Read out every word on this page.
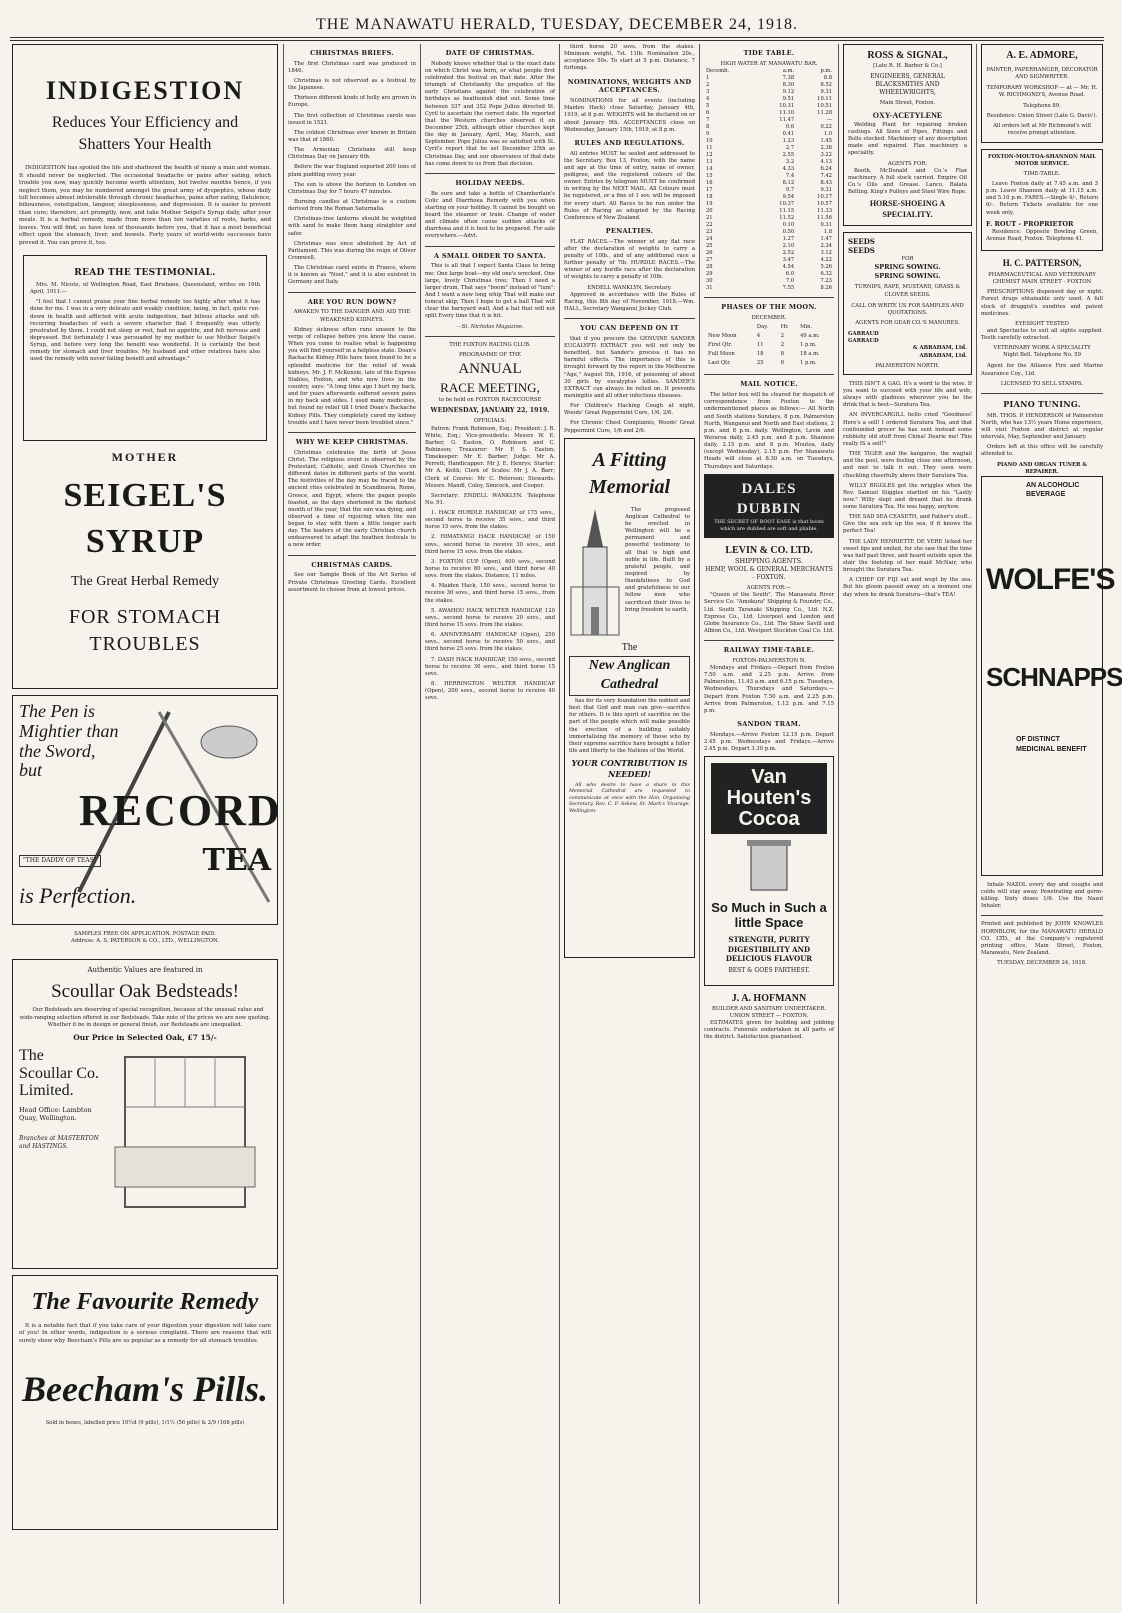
THE MANAWATU HERALD, TUESDAY, DECEMBER 24, 1918.
INDIGESTION
Reduces Your Efficiency and Shatters Your Health

INDIGESTION has spoiled the life and shattered the health of many a man and woman. It should never be neglected. The occasional headache or pains after eating, which trouble you now, may quickly become worth attention, but twelve months hence, if you neglect them, you may be numbered amongst the great army of dyspeptics, whose daily toll becomes almost intolerable through chronic headaches, pains after eating, flatulence, biliousness, constipation, languor, sleeplessness, and depression. It is easier to prevent than cure; therefore, act promptly, now, and take Mother Seigel's Syrup daily, after your meals. It is a herbal remedy, made from more than ten varieties of roots, barks, and leaves. You will find, as have tens of thousands before you, that it has a most beneficial effect upon the stomach, liver, and bowels. Forty years of world-wide successes have proved it. You can prove it, too.

READ THE TESTIMONIAL.

Mrs. M. Nicoto, of Wellington Road, East Brisbane, Queensland, writes on 16th April, 1911:—

"I feel that I cannot praise your fine herbal remedy too highly after what it has done for me. I was in a very delicate and weakly condition, being, in fact, quite run-down in health and afflicted with acute indigestion, bad bilious attacks and oft-recurring headaches of such a severe character that I frequently was utterly prostrated by them. I could not sleep or rest, had no appetite, and felt nervous and depressed. But fortunately I was persuaded by my mother to use Mother Seigel's Syrup, and before very long the benefit was wonderful. It is certainly the best remedy for stomach and liver troubles. My husband and other relatives have also used the remedy with never failing benefit and advantage."

MOTHER
SEIGEL'S SYRUP
The Great Herbal Remedy
FOR STOMACH TROUBLES
The Pen is
Mightier than
the Sword,
but
RECORD
"THE DADDY OF TEAS"	TEA
is Perfection.
SAMPLES FREE ON APPLICATION. POSTAGE PAID.
Address: A. S. PATERSON & CO., LTD., WELLINGTON.
Authentic Values are featured in
Scoullar Oak Bedsteads!

Our Bedsteads are deserving of special recognition, because of the unusual value and wide-ranging selection offered in our Bedsteads. Take note of the prices we are now quoting. Whether it be in design or general finish, our Bedsteads are unequalled.

Our Price in Selected Oak, £7 15/-
The Scoullar Co. Limited.
Head Office: Lambton Quay, Wellington.
Branches at MASTERTON and HASTINGS.
The Favourite Remedy

It is a notable fact that if you take care of your digestion your digestion will take care of you! In other words, indigestion is a serious complaint. There are reasons that will surely show why Beecham's Pills are so popular as a remedy for all stomach troubles.

Beecham's Pills.
Sold in boxes, labelled price 10½d (9 pills), 1/1½ (56 pills) & 2/9 (168 pills)
CHRISTMAS BRIEFS.

The first Christmas card was produced in 1846.

Christmas is not observed as a festival by the Japanese.

Thirteen different kinds of holly are grown in Europe.

The first collection of Christmas carols was issued in 1521.

The coldest Christmas ever known in Britain was that of 1860.

The Armenian Christians still keep Christmas Day on January 6th.

Before the war England exported 200 tons of plum pudding every year.

The sun is above the horizon in London on Christmas Day for 7 hours 47 minutes.

Burning candles at Christmas is a custom derived from the Roman Saturnalia.

Christmas-tree lanterns should be weighted with sand to make them hang straighter and safer.

Christmas was once abolished by Act of Parliament. This was during the reign of Oliver Cromwell.

The Christmas carol exists in France, where it is known as "Noel," and it is also existent in Germany and Italy.

ARE YOU RUN DOWN?
AWAKEN TO THE DANGER AND AID THE WEAKENED KIDNEYS.

Kidney sickness often runs unseen to the verge of collapse before you know the cause. When you come to realise what is happening you will find yourself in a helpless state. Doan's Backache Kidney Pills have been found to be a splendid medicine for the relief of weak kidneys. Mr. J. F. McKenzie, late of the Express Stables, Foxton, and who now lives in the country, says: "A long time ago I hurt my back, and for years afterwards suffered severe pains in my back and sides. I used many medicines, but found no relief till I tried Doan's Backache Kidney Pills. They completely cured my kidney trouble and I have never been troubled since."

WHY WE KEEP CHRISTMAS.

Christmas celebrates the birth of Jesus Christ. The religious event is observed by the Protestant, Catholic, and Greek Churches on different dates in different parts of the world. The festivities of the day may be traced to the ancient rites celebrated in Scandinavia, Rome, Greece, and Egypt, where the pagan people feasted, as the days shortened in the darkest month of the year, that the sun was dying, and observed a time of rejoicing when the sun began to stay with them a little longer each day. The leaders of the early Christian church endeavoured to adapt the heathen festivals to a new order.

CHRISTMAS CARDS.

See our Sample Book of the Art Series of Private Christmas Greeting Cards. Excellent assortment to choose from at lowest prices.

DATE OF CHRISTMAS.

Nobody knows whether that is the exact date on which Christ was born, or what people first celebrated the festival on that date. After the triumph of Christianity the prejudice of the early Christians against the celebration of birthdays as heathenish died out. Some time between 337 and 352 Pope Julius directed St. Cyril to ascertain the correct date. He reported that the Western churches observed it on December 25th, although other churches kept the day in January, April, May, March, and September. Pope Julius was so satisfied with St. Cyril's report that he set December 25th as Christmas Day, and our observance of that date has come down to us from that decision.

HOLIDAY NEEDS.

Be sure and take a bottle of Chamberlain's Colic and Diarrhoea Remedy with you when starting on your holiday. It cannot be bought on board the steamer or train. Change of water and climate often cause sudden attacks of diarrhoea and it is best to be prepared. For sale everywhere.—Advt.

A SMALL ORDER TO SANTA.

This is all that I expect Santa Claus to bring me: One large boat—my old one's wrecked. One large, lovely Christmas tree; Then I need a larger drum, That says "boom" instead of "tum": And I want a new long whip That will make our tomcat skip; Then I hope to get a ball That will clear the barnyard wall; And a hat that will not split Every time that it is hit.

—St. Nicholas Magazine.
THE FOXTON RACING CLUB.
PROGRAMME OF THE
ANNUAL
RACE MEETING,
to be held on FOXTON RACECOURSE
WEDNESDAY, JANUARY 22, 1919.
OFFICIALS:

Patron: Frank Robinson, Esq.; President: J. R. White, Esq.; Vice-presidents: Messrs W. E. Barber, G. Easton, O. Robinson and C. Robinson; Treasurer: Mr F. S. Easton; Timekeeper: Mr E. Barber; Judge: Mr A. Perrett; Handicapper: Mr J. E. Henrys; Starter: Mr A. Keith; Clerk of Scales: Mr J. A. Barr; Clerk of Course: Mr C. Peterson; Stewards: Messrs. Mandl, Coley, Simcock, and Cooper.

Secretary: ENDELL WANKLYN. Telephone No. 91.

1. HACK HURDLE HANDICAP, of 175 sovs., second horse to receive 35 sovs., and third horse 15 sovs. from the stakes.

2. HIMATANGI HACK HANDICAP, of 150 sovs., second horse to receive 30 sovs., and third horse 15 sovs. from the stakes.

3. FOXTON CUP (Open), 400 sovs., second horse to receive 80 sovs., and third horse 40 sovs. from the stakes. Distance, 11 miles.

4. Maiden Hack, 150 sovs., second horse to receive 30 sovs., and third horse 15 sovs., from the stakes.

5. AWAHOU HACK WELTER HANDICAP, 120 sovs., second horse to receive 20 sovs., and third horse 15 sovs. from the stakes.

6. ANNIVERSARY HANDICAP (Open), 250 sovs., second horse to receive 50 sovs., and third horse 25 sovs. from the stakes.

7. DASH HACK HANDICAP, 150 sovs., second horse to receive 30 sovs., and third horse 15 sovs.

8. HERRINGTON WELTER HANDICAP (Open), 200 sovs., second horse to receive 40 sovs.

third horse 20 sovs. from the stakes. Minimum weight, 7st. 11lb. Nomination 20s., acceptance 50s. To start at 5 p.m. Distance, 7 furlongs.

NOMINATIONS, WEIGHTS AND ACCEPTANCES.

NOMINATIONS for all events (including Maiden Hack) close Saturday, January 4th, 1919, at 8 p.m. WEIGHTS will be declared on or about January 9th. ACCEPTANCES close on Wednesday, January 15th, 1919, at 8 p.m.

RULES AND REGULATIONS.

All entries MUST be sealed and addressed to the Secretary, Box 13, Foxton, with the name and age at the time of entry, name of owner, pedigree, and the registered colours of the owner. Entries by telegram MUST be confirmed in writing by the NEXT MAIL. All Colours must be registered, or a fine of 1 sov. will be imposed for every start. All Races to be run under the Rules of Racing as adopted by the Racing Conference of New Zealand.

PENALTIES.

FLAT RACES.—The winner of any flat race after the declaration of weights to carry a penalty of 10lb., and of any additional race a further penalty of 7lb. HURDLE RACES.—The winner of any hurdle race after the declaration of weights to carry a penalty of 10lb.

ENDELL WANKLYN, Secretary.

Approved in accordance with the Rules of Racing, this 8th day of November, 1918.—Wm. HALL, Secretary Wanganui Jockey Club.

YOU CAN DEPEND ON IT

that if you procure the GENUINE SANDER EUCALYPTI EXTRACT you will not only be benefited, but Sander's process it has no harmful effects. The importance of this is brought forward by the report in the Melbourne "Age," August 5th, 1916, of poisoning of about 30 girls by eucalyptus lollies. SANDER'S EXTRACT can always be relied on. It prevents meningitis and all other infectious diseases.

For Children's Hacking Cough at night, Woods' Great Peppermint Cure, 1/6, 2/6.

For Chronic Chest Complaints, Woods' Great Peppermint Cure, 1/6 and 2/6.

A Fitting
Memorial

The proposed Anglican Cathedral to be erected in Wellington will be a permanent and powerful testimony to all that is high and noble in life. Built by a grateful people, and inspired by thankfulness to God and gratefulness to our fellow men who sacrificed their lives to bring freedom to earth,

The
New Anglican Cathedral

has for its very foundation the noblest and best that God and man can give—sacrifice for others. It is this spirit of sacrifice on the part of the people which will make possible the erection of a building suitably immortalising the memory of those who by their supreme sacrifice have brought a fuller life and liberty to the Nations of the World.

YOUR CONTRIBUTION IS NEEDED!

All who desire to have a share in this Memorial Cathedral are requested to communicate at once with the Hon. Organising Secretary, Rev. C. F. Askew, St. Mark's Vicarage, Wellington.

TIDE TABLE.
HIGH WATER AT MANAWATU BAR.
Decemb.	a.m.	p.m.
1	7.38	8.8
2	8.30	8.52
3	9.12	9.31
4	9.51	10.11
5	10.31	10.51
6	11.10	11.28
7	11.47	—
8	0.6	0.22
9	0.41	1.0
10	1.23	1.45
11	2.7	2.38
12	2.55	3.22
13	3.2	4.13
14	4.33	6.24
15	7.4	7.42
16	8.12	8.43
17	9.7	9.31
18	9.54	10.17
19	10.37	10.57
20	11.15	11.33
21	11.52	11.56
22	0.10	0.31
23	0.50	1.8
24	1.27	1.47
25	2.10	2.34
26	2.52	3.12
27	3.47	4.22
28	4.54	5.26
29	6.0	6.32
30	7.0	7.23
31	7.55	8.26
PHASES OF THE MOON.
DECEMBER.
	Day.	Hr.	Min.
New Moon	4	2	49 a.m.
First Qtr.	11	2	1 p.m.
Full Moon	18	8	18 a.m.
Last Qtr.	25	6	1 p.m.
MAIL NOTICE.

The letter box will be cleared for despatch of correspondence from Foxton to the undermentioned places as follows:— All North and South stations Sundays, 8 p.m. Palmerston North, Wanganui and North and East stations, 2 p.m. and 8 p.m. daily. Wellington, Levin and Weraroa daily, 2.45 p.m. and 8 p.m. Shannon daily, 2.15 p.m. and 8 p.m. Moutoa, daily (except Wednesday), 2.15 p.m. For Manawatu Heads will close at 8.30 a.m. on Tuesdays, Thursdays and Saturdays.

DALES DUBBIN
THE SECRET OF BOOT EASE is that boots which are dubbed are soft and pliable.
LEVIN & CO. LTD.
SHIPPING AGENTS.
HEMP, WOOL & GENERAL MERCHANTS - FOXTON.
AGENTS FOR:—

"Queen of the South". The Manawatu River Service Co. "Amokura" Shipping & Foundry Co., Ltd. South Taranaki Shipping Co., Ltd. N.Z. Express Co., Ltd. Liverpool and London and Globe Insurance Co., Ltd. The Shaw Savill and Albion Co., Ltd. Westport Stockton Coal Co. Ltd.

RAILWAY TIME-TABLE.
FOXTON-PALMERSTON N.

Mondays and Fridays.—Depart from Foxton 7.50 a.m. and 2.25 p.m. Arrive from Palmerston, 11.43 a.m. and 6.15 p.m. Tuesdays, Wednesdays, Thursdays and Saturdays.—Depart from Foxton 7.50 a.m. and 2.25 p.m. Arrive from Palmerston, 1.12 p.m. and 7.15 p.m.

SANDON TRAM.

Mondays.—Arrive Foxton 12.15 p.m. Depart 2.45 p.m. Wednesdays and Fridays.—Arrive 2.45 p.m. Depart 3.30 p.m.

Van
Houten's
Cocoa
So Much in Such a little Space
STRENGTH, PURITY DIGESTIBILITY AND DELICIOUS FLAVOUR
BEST & GOES FARTHEST.
J. A. HOFMANN
BUILDER AND SANITARY UNDERTAKER.
UNION STREET — FOXTON.

ESTIMATES given for building and jobbing contracts. Funerals undertaken in all parts of the district. Satisfaction guaranteed.

ROSS & SIGNAL,
[Late R. H. Barber & Co.]
ENGINEERS, GENERAL BLACKSMITHS AND WHEELWRIGHTS,
Main Street, Foxton.
OXY-ACETYLENE

Welding Plant for repairing broken castings. All Sizes of Pipes, Fittings and Bolts stocked. Machinery of any description made and repaired. Flax machinery a speciality.

AGENTS FOR:

Booth, McDonald and Co.'s Flax machinery. A full stock carried. Empire Oil Co.'s Oils and Grease. Lanco, Balata Belting. King's Pulleys and Steel Wire Rope.

HORSE-SHOEING A SPECIALITY.
SEEDS
SEEDS
FOR
SPRING SOWING.
SPRING SOWING.
TURNIPS, RAPE, MUSTARD, GRASS & CLOVER SEEDS.
CALL OR WRITE US FOR SAMPLES AND QUOTATIONS.
AGENTS FOR GEAR CO.'S MANURES.
GARRAUD
GARRAUD
& ABRAHAM, Ltd.
ABRAHAM, Ltd.
PALMERSTON NORTH.

THIS ISN'T A GAG. It's a word to the wise. If you want to succeed with your life and wife, always with gladness wherever you be the drink that is best—Suratura Tea.

AN INVERCARGILL hello cried "Goodness! Here's a sell! I ordered Suratura Tea, and that confounded grocer he has sent instead some rubbishy old stuff from China! Dearie me! This really IS a sell!"

THE TIGER and the kangaroo, the wagtail and the pool, were feeling close one afternoon, and met to talk it out. They soon were chuckling cheerfully above their Suratura Tea.

WILLY BIGGLES got the wriggles when the Rev. Samuel Stiggles startled on his "Lastly now." Willy slept and dreamt that he drank some Suratura Tea. He was happy, anyhow.

THE SAD SEA CEASETH, and Father's stuff... Give the sea sick up the sea, if it knows the perfect Tea!

THE LADY HENRIETTE DE VERE licked her sweet lips and smiled, for she saw that the time was half past three, and heard outside upon the stair the footstep of her maid McNair, who brought the Suratura Tea.

A CHIEF OF FIJI sat and wept by the sea. But his gloom passed away on a moment one day when he drank Suratura—that's TEA!

A. E. ADMORE,
PAINTER, PAPERHANGER, DECORATOR AND SIGNWRITER.
TEMPORARY WORKSHOP — at — Mr. H. W. RICHMOND'S, Avenue Road.
Telephone 89.
Residence: Union Street (Late G. Davis').
All orders left at Mr Richmond's will receive prompt attention.
FOXTON-MOUTOA-SHANNON MAIL MOTOR SERVICE.
TIME-TABLE.

Leave Foxton daily at 7.45 a.m. and 3 p.m. Leave Shannon daily at 11.15 a.m. and 5.10 p.m. FARES.—Single 4/-, Return 6/-. Return Tickets available for one week only.

F. ROUT - PROPRIETOR

Residence: Opposite Bowling Green, Avenue Road, Foxton. Telephone 41.

H. C. PATTERSON,
PHARMACEUTICAL AND VETERINARY CHEMIST MAIN STREET - FOXTON

PRESCRIPTIONS dispensed day or night. Purest drugs obtainable only used. A full stock of druggist's sundries and patent medicines.

EYESIGHT TESTED

and Spectacles to suit all sights supplied. Teeth carefully extracted.

VETERINARY WORK A SPECIALITY
Night Bell. Telephone No. 59

Agent for the Alliance Fire and Marine Assurance Coy., Ltd.

LICENSED TO SELL STAMPS.
PIANO TUNING.

MR. THOS. P. HENDERSON of Palmerston North, who has 13½ years Home experience, will visit Foxton and district at regular intervals, May, September and January.

Orders left at this office will be carefully attended to.

PIANO AND ORGAN TUNER & REPAIRER.
AN ALCOHOLIC BEVERAGE
WOLFE'S
SCHNAPPS
OF DISTINCT MEDICINAL BENEFIT

Inhale NAZOL every day and coughs and colds will stay away. Penetrating and germ-killing. Sixty doses 1/6. Use the Nazol Inhaler.

Printed and published by JOHN KNOWLES HORNBLOW, for the MANAWATU HERALD CO. LTD., at the Company's registered printing office, Main Street, Foxton, Manawatu, New Zealand.

TUESDAY, DECEMBER 24, 1918.
